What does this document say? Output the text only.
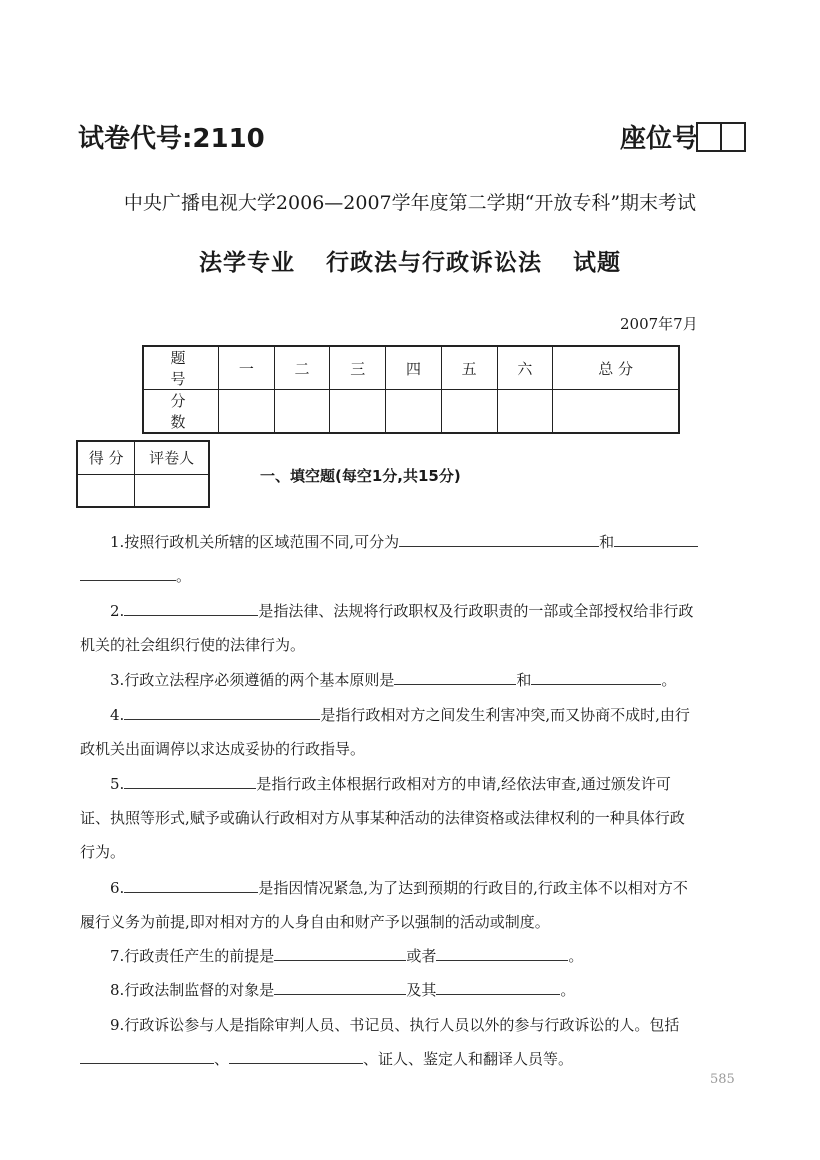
试卷代号:2110	座位号
中央广播电视大学2006—2007学年度第二学期“开放专科”期末考试
法学专业 行政法与行政诉讼法 试题
2007年7月
题 号	一	二	三	四	五	六	总 分
分 数							
得 分	评卷人

一、填空题(每空1分,共15分)
1.按照行政机关所辖的区域范围不同,可分为	和
。
2.	是指法律、法规将行政职权及行政职责的一部或全部授权给非行政
机关的社会组织行使的法律行为。
3.行政立法程序必须遵循的两个基本原则是	和	。
4.	是指行政相对方之间发生利害冲突,而又协商不成时,由行
政机关出面调停以求达成妥协的行政指导。
5.	是指行政主体根据行政相对方的申请,经依法审查,通过颁发许可
证、执照等形式,赋予或确认行政相对方从事某种活动的法律资格或法律权利的一种具体行政
行为。
6.	是指因情况紧急,为了达到预期的行政目的,行政主体不以相对方不
履行义务为前提,即对相对方的人身自由和财产予以强制的活动或制度。
7.行政责任产生的前提是	或者	。
8.行政法制监督的对象是	及其	。
9.行政诉讼参与人是指除审判人员、书记员、执行人员以外的参与行政诉讼的人。包括
、	、证人、鉴定人和翻译人员等。
585
